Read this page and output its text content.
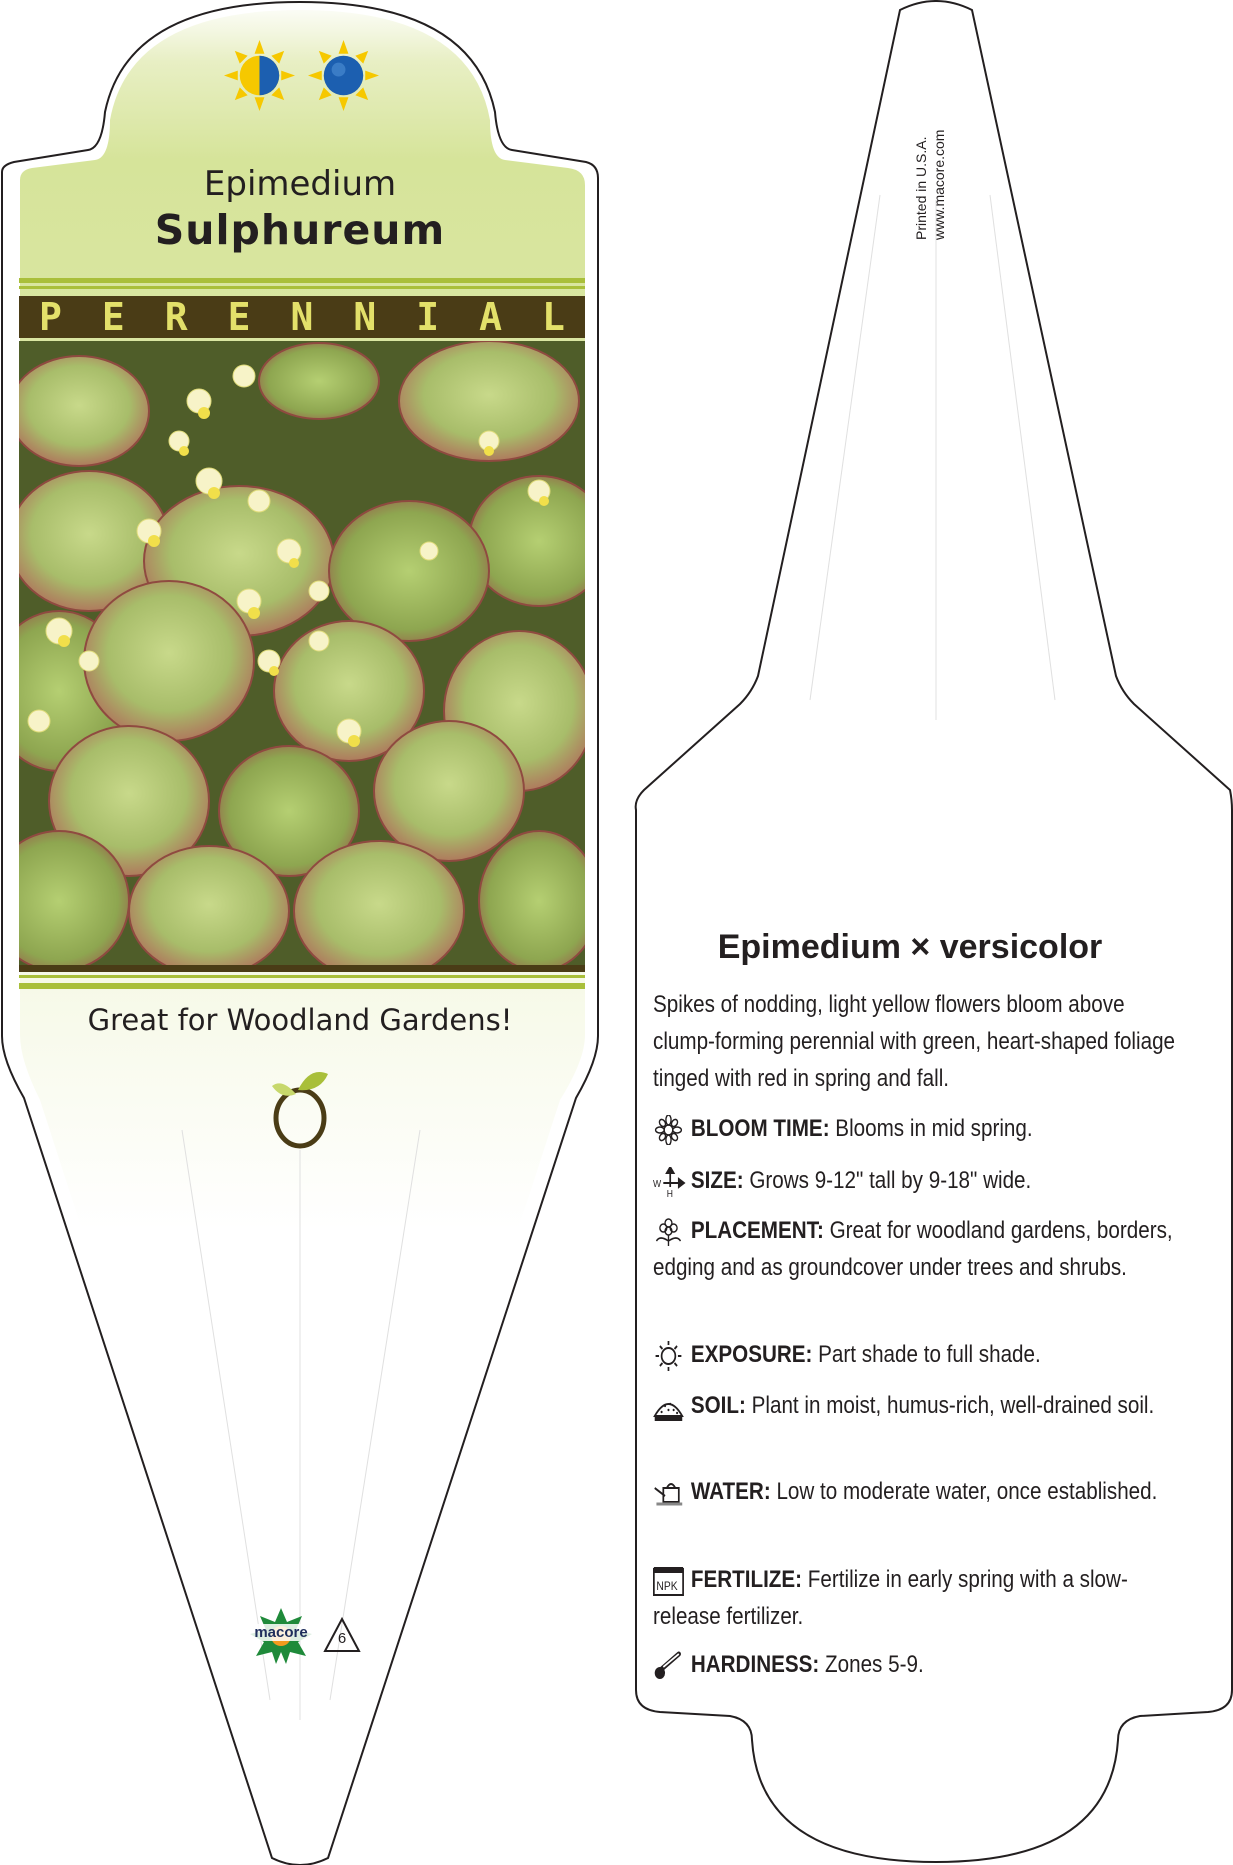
Epimedium
Sulphureum
P E R E N N I A L
Great for Woodland Gardens!
macore	6
Printed in U.S.A. www.macore.com
Epimedium × versicolor
Spikes of nodding, light yellow flowers bloom above clump-forming perennial with green, heart-shaped foliage tinged with red in spring and fall.
BLOOM TIME: Blooms in mid spring.
W
H SIZE: Grows 9-12" tall by 9-18" wide.
PLACEMENT: Great for woodland gardens, borders, edging and as groundcover under trees and shrubs.
EXPOSURE: Part shade to full shade.
SOIL: Plant in moist, humus-rich, well-drained soil.
WATER: Low to moderate water, once established.
NPK FERTILIZE: Fertilize in early spring with a slow-release fertilizer.
HARDINESS: Zones 5-9.
